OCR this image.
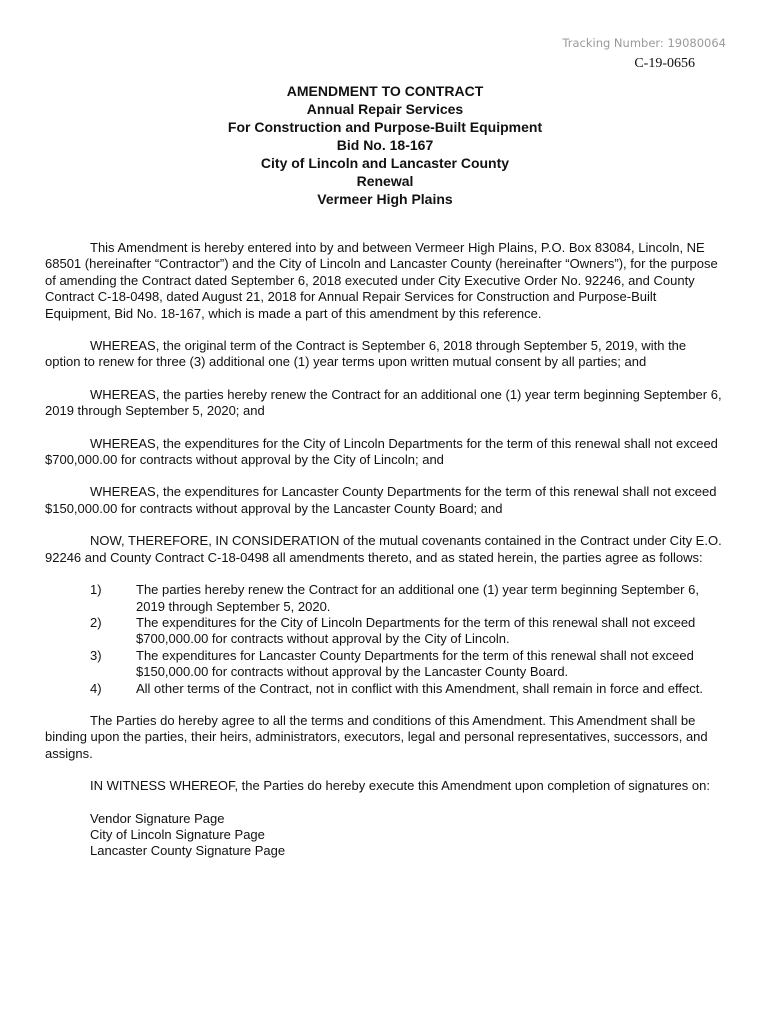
Tracking Number: 19080064
C-19-0656
AMENDMENT TO CONTRACT
Annual Repair Services
For Construction and Purpose-Built Equipment
Bid No. 18-167
City of Lincoln and Lancaster County
Renewal
Vermeer High Plains

This Amendment is hereby entered into by and between Vermeer High Plains, P.O. Box 83084, Lincoln, NE 68501 (hereinafter “Contractor”) and the City of Lincoln and Lancaster County (hereinafter “Owners”), for the purpose of amending the Contract dated September 6, 2018 executed under City Executive Order No. 92246, and County Contract C-18-0498, dated August 21, 2018 for Annual Repair Services for Construction and Purpose-Built Equipment, Bid No. 18-167, which is made a part of this amendment by this reference.

WHEREAS, the original term of the Contract is September 6, 2018 through September 5, 2019, with the option to renew for three (3) additional one (1) year terms upon written mutual consent by all parties; and

WHEREAS, the parties hereby renew the Contract for an additional one (1) year term beginning September 6, 2019 through September 5, 2020; and

WHEREAS, the expenditures for the City of Lincoln Departments for the term of this renewal shall not exceed $700,000.00 for contracts without approval by the City of Lincoln; and

WHEREAS, the expenditures for Lancaster County Departments for the term of this renewal shall not exceed $150,000.00 for contracts without approval by the Lancaster County Board; and

NOW, THEREFORE, IN CONSIDERATION of the mutual covenants contained in the Contract under City E.O. 92246 and County Contract C-18-0498 all amendments thereto, and as stated herein, the parties agree as follows:

1)	The parties hereby renew the Contract for an additional one (1) year term beginning September 6, 2019 through September 5, 2020.
2)	The expenditures for the City of Lincoln Departments for the term of this renewal shall not exceed $700,000.00 for contracts without approval by the City of Lincoln.
3)	The expenditures for Lancaster County Departments for the term of this renewal shall not exceed $150,000.00 for contracts without approval by the Lancaster County Board.
4)	All other terms of the Contract, not in conflict with this Amendment, shall remain in force and effect.

The Parties do hereby agree to all the terms and conditions of this Amendment. This Amendment shall be binding upon the parties, their heirs, administrators, executors, legal and personal representatives, successors, and assigns.

IN WITNESS WHEREOF, the Parties do hereby execute this Amendment upon completion of signatures on:

Vendor Signature Page
City of Lincoln Signature Page
Lancaster County Signature Page
